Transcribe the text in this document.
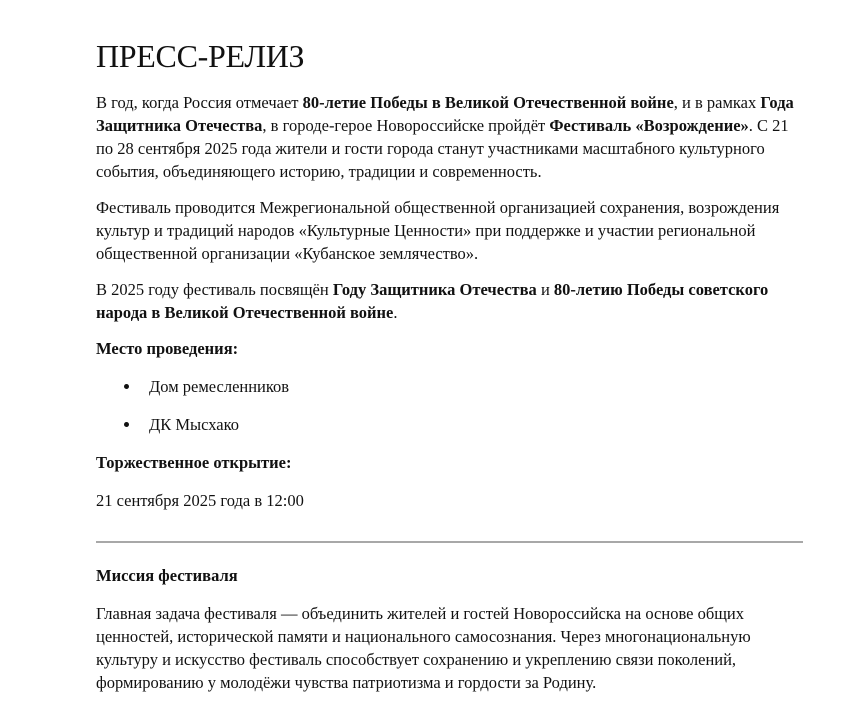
ПРЕСС-РЕЛИЗ

В год, когда Россия отмечает 80-летие Победы в Великой Отечественной войне, и в рамках Года Защитника Отечества, в городе-герое Новороссийске пройдёт Фестиваль «Возрождение». С 21 по 28 сентября 2025 года жители и гости города станут участниками масштабного культурного события, объединяющего историю, традиции и современность.

Фестиваль проводится Межрегиональной общественной организацией сохранения, возрождения культур и традиций народов «Культурные Ценности» при поддержке и участии региональной общественной организации «Кубанское землячество».

В 2025 году фестиваль посвящён Году Защитника Отечества и 80-летию Победы советского народа в Великой Отечественной войне.

Место проведения:
Дом ремесленников
ДК Мысхако
Торжественное открытие:

21 сентября 2025 года в 12:00

Миссия фестиваля

Главная задача фестиваля — объединить жителей и гостей Новороссийска на основе общих ценностей, исторической памяти и национального самосознания. Через многонациональную культуру и искусство фестиваль способствует сохранению и укреплению связи поколений, формированию у молодёжи чувства патриотизма и гордости за Родину.
